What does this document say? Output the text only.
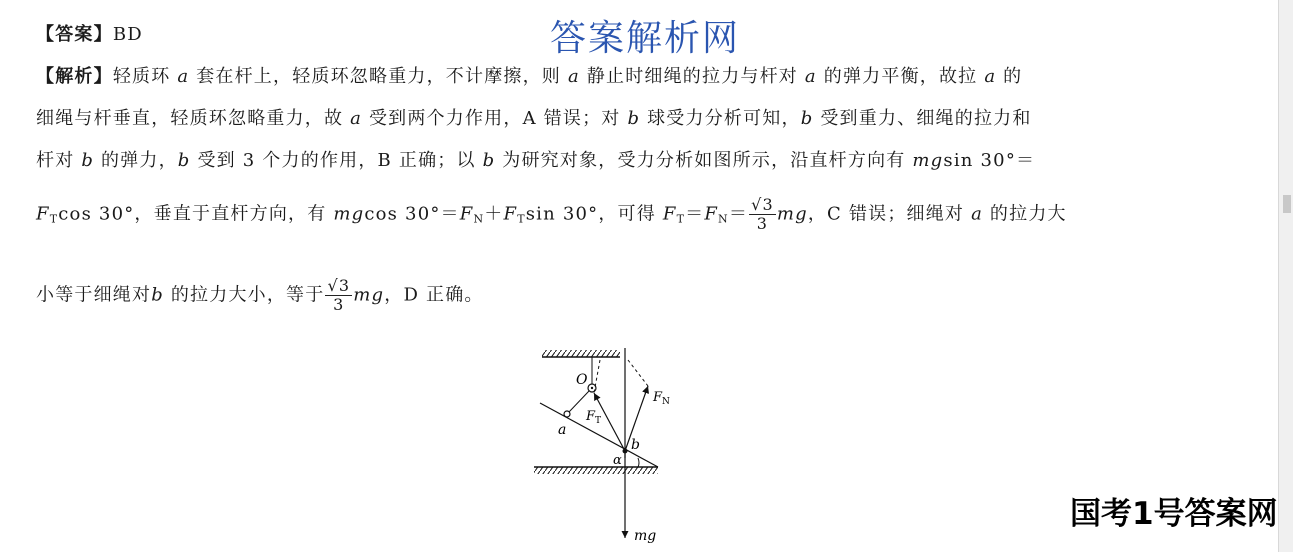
答案解析网
【答案】BD
【解析】轻质环 a 套在杆上，轻质环忽略重力，不计摩擦，则 a 静止时细绳的拉力与杆对 a 的弹力平衡，故拉 a 的
细绳与杆垂直，轻质环忽略重力，故 a 受到两个力作用，A 错误；对 b 球受力分析可知，b 受到重力、细绳的拉力和
杆对 b 的弹力，b 受到 3 个力的作用，B 正确；以 b 为研究对象，受力分析如图所示，沿直杆方向有 mgsin 30°＝
$F_T\cos$ 30°，垂直于直杆方向，有 mgcos $30^\circ=F_N+F_T\sin$ 30°，可得 $F_T=F_N= \frac{√3}{3}$ mg，C 错误；细绳对 a 的拉力大
小等于细绳对b 的拉力大小，等于 $\frac{√3}{3}$ mg，D 正确。
O
a
$F_T$
$F_N$
b
α
mg
国考1号答案网
